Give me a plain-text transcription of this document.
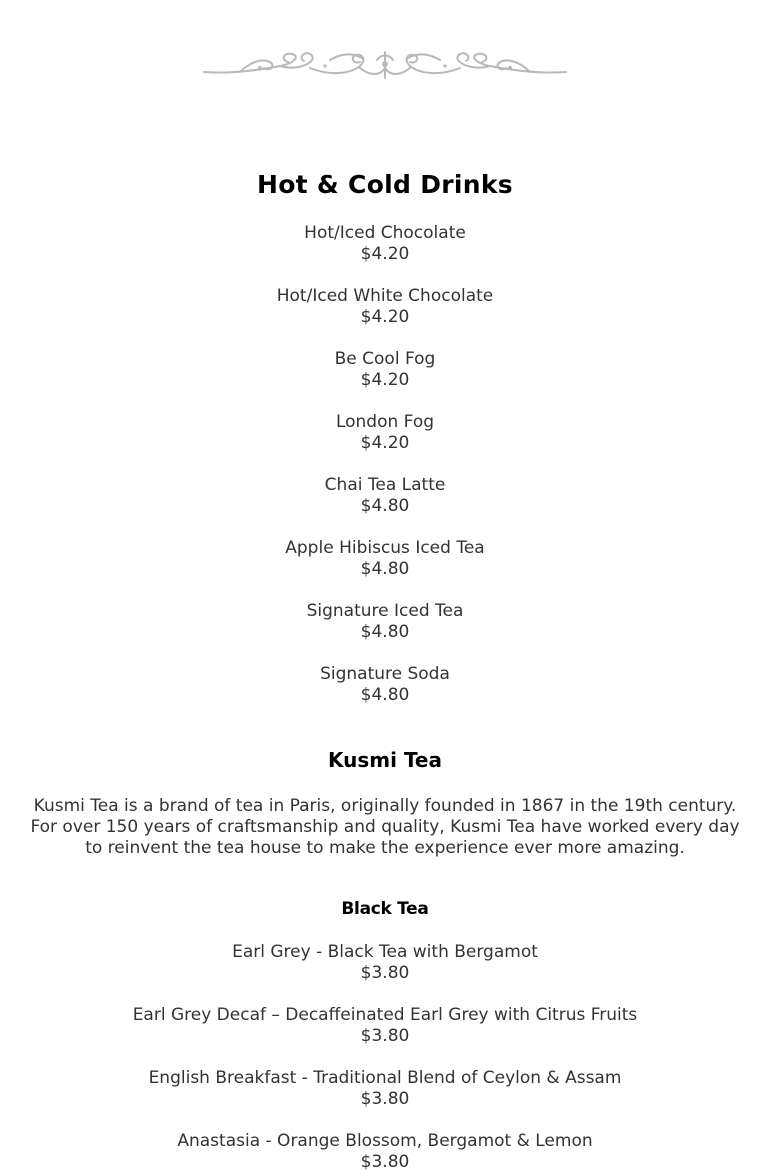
Hot & Cold Drinks
Hot/Iced Chocolate
$4.20
Hot/Iced White Chocolate
$4.20
Be Cool Fog
$4.20
London Fog
$4.20
Chai Tea Latte
$4.80
Apple Hibiscus Iced Tea
$4.80
Signature Iced Tea
$4.80
Signature Soda
$4.80
Kusmi Tea
Kusmi Tea is a brand of tea in Paris, originally founded in 1867 in the 19th century. For over 150 years of craftsmanship and quality, Kusmi Tea have worked every day to reinvent the tea house to make the experience ever more amazing.
Black Tea
Earl Grey - Black Tea with Bergamot
$3.80
Earl Grey Decaf – Decaffeinated Earl Grey with Citrus Fruits
$3.80
English Breakfast - Traditional Blend of Ceylon & Assam
$3.80
Anastasia - Orange Blossom, Bergamot & Lemon
$3.80
